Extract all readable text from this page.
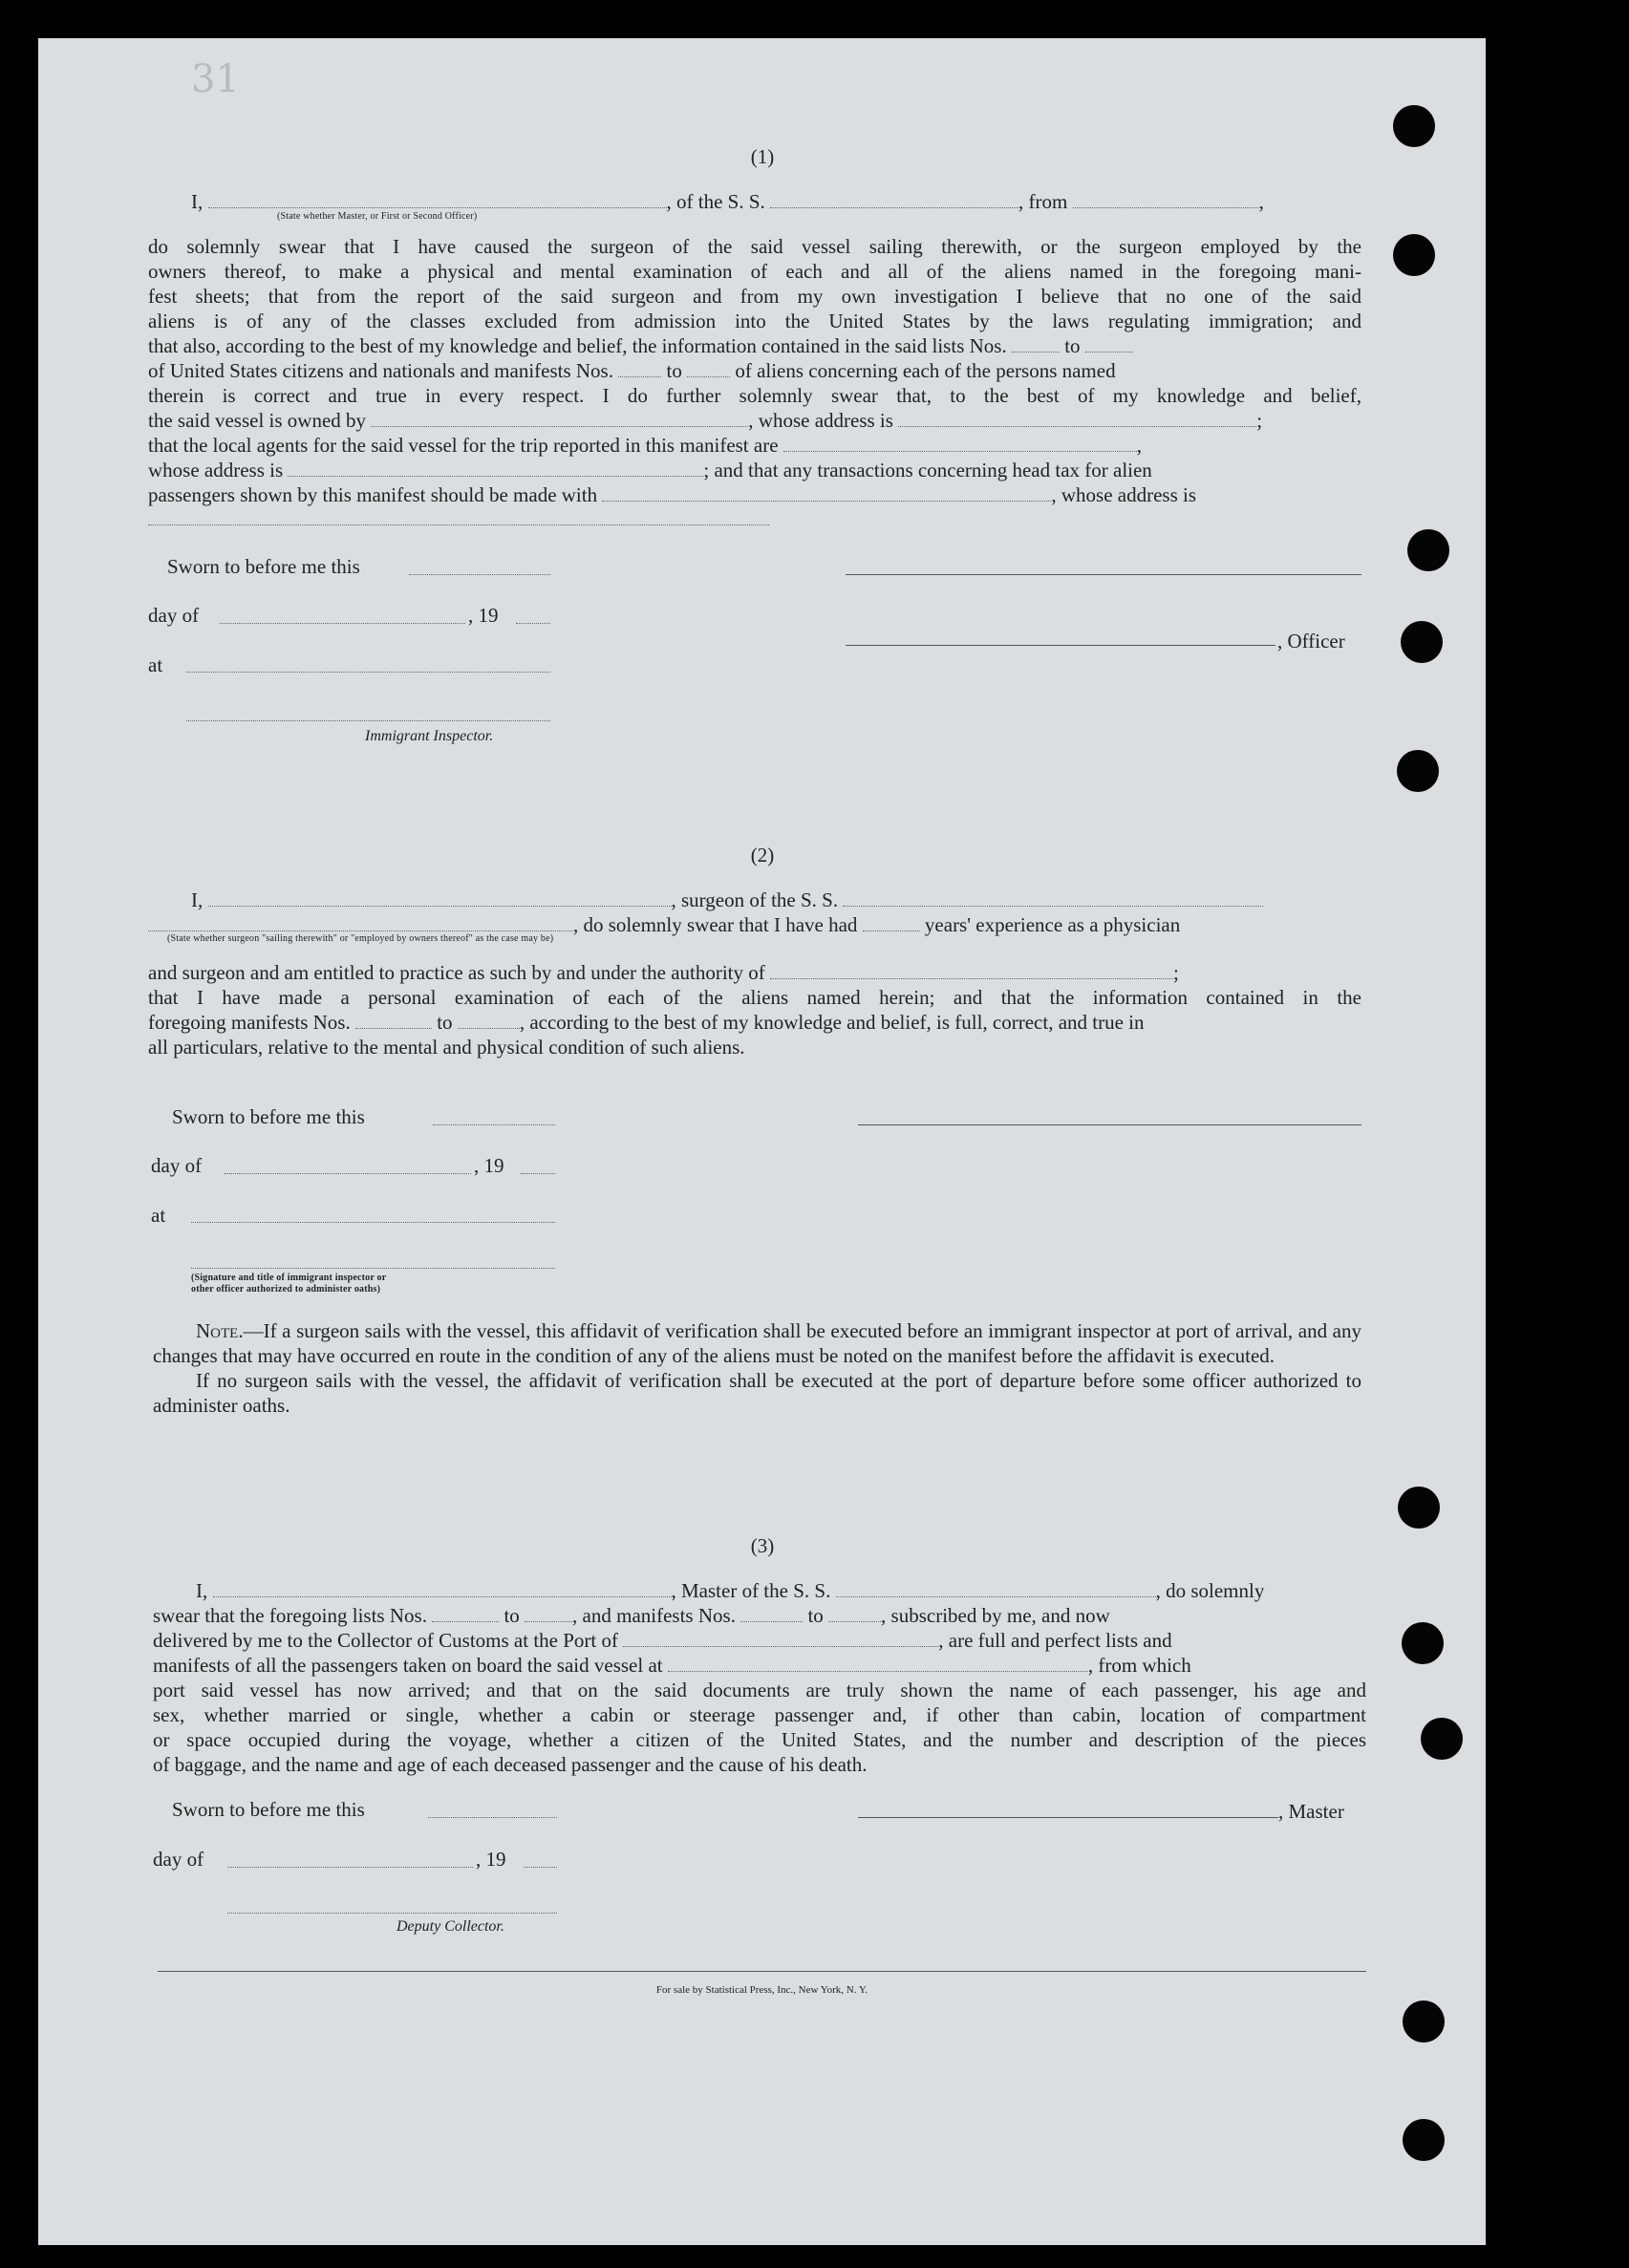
31
(1)
I,	, of the S. S.	, from	,
(State whether Master, or First or Second Officer)
do solemnly swear that I have caused the surgeon of the said vessel sailing therewith, or the surgeon employed by the
owners thereof, to make a physical and mental examination of each and all of the aliens named in the foregoing mani-
fest sheets; that from the report of the said surgeon and from my own investigation I believe that no one of the said
aliens is of any of the classes excluded from admission into the United States by the laws regulating immigration; and
that also, according to the best of my knowledge and belief, the information contained in the said lists Nos.	to
of United States citizens and nationals and manifests Nos.	to	of aliens concerning each of the persons named
therein is correct and true in every respect. I do further solemnly swear that, to the best of my knowledge and belief,
the said vessel is owned by	, whose address is	;
that the local agents for the said vessel for the trip reported in this manifest are	,
whose address is	; and that any transactions concerning head tax for alien
passengers shown by this manifest should be made with	, whose address is
Sworn to before me this
day of	, 19
, Officer
at
Immigrant Inspector.
(2)
I,	, surgeon of the S. S.
, do solemnly swear that I have had	years' experience as a physician
(State whether surgeon "sailing therewith" or "employed by owners thereof" as the case may be)
and surgeon and am entitled to practice as such by and under the authority of	;
that I have made a personal examination of each of the aliens named herein; and that the information contained in the
foregoing manifests Nos.	to	, according to the best of my knowledge and belief, is full, correct, and true in
all particulars, relative to the mental and physical condition of such aliens.
Sworn to before me this
day of	, 19
at
(Signature and title of immigrant inspector or
other officer authorized to administer oaths)

Note.—If a surgeon sails with the vessel, this affidavit of verification shall be executed before an immigrant inspector at port of arrival, and any changes that may have occurred en route in the condition of any of the aliens must be noted on the manifest before the affidavit is executed.

If no surgeon sails with the vessel, the affidavit of verification shall be executed at the port of departure before some officer authorized to administer oaths.

(3)
I,	, Master of the S. S.	, do solemnly
swear that the foregoing lists Nos.	to	, and manifests Nos.	to	, subscribed by me, and now
delivered by me to the Collector of Customs at the Port of	, are full and perfect lists and
manifests of all the passengers taken on board the said vessel at	, from which
port said vessel has now arrived; and that on the said documents are truly shown the name of each passenger, his age and
sex, whether married or single, whether a cabin or steerage passenger and, if other than cabin, location of compartment
or space occupied during the voyage, whether a citizen of the United States, and the number and description of the pieces
of baggage, and the name and age of each deceased passenger and the cause of his death.
Sworn to before me this	, Master
day of	, 19
Deputy Collector.
For sale by Statistical Press, Inc., New York, N. Y.
